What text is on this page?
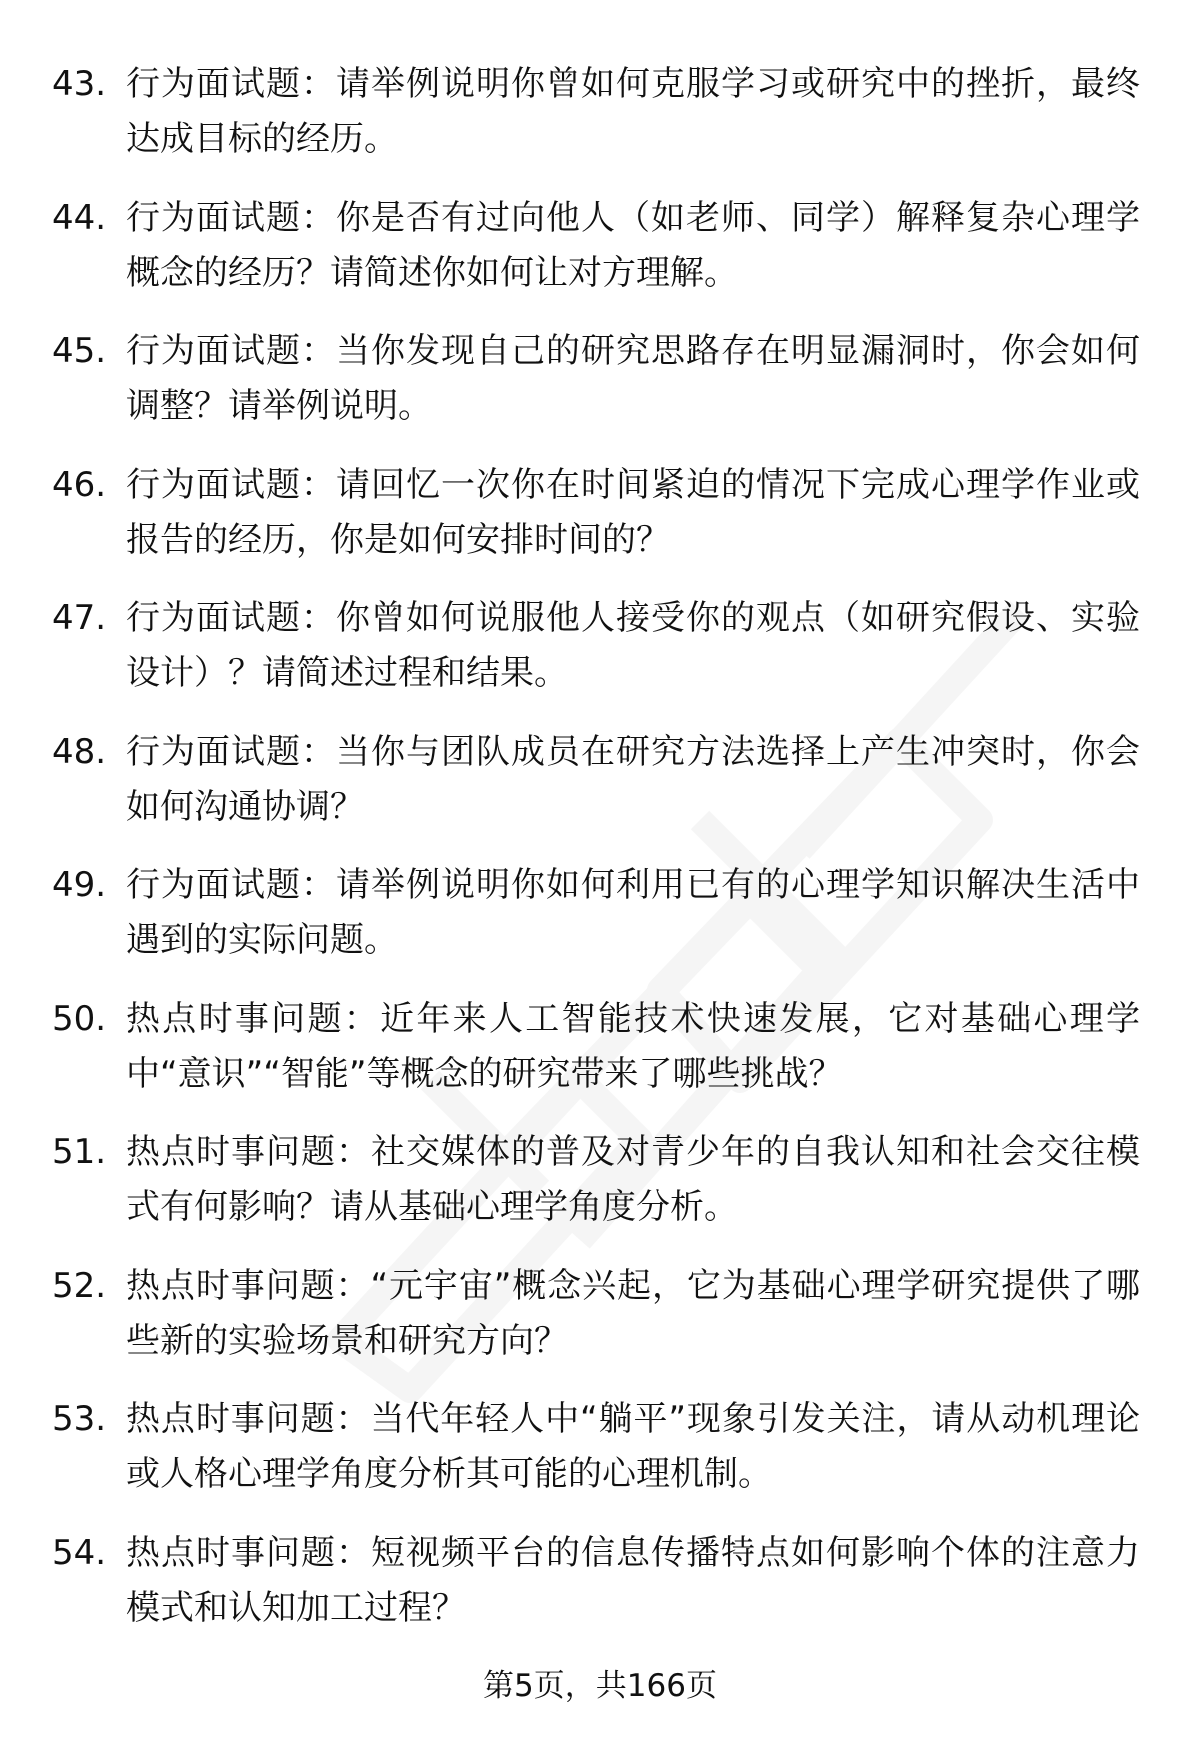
43. 行为面试题：请举例说明你曾如何克服学习或研究中的挫折，最终达成目标的经历。
44. 行为面试题：你是否有过向他人（如老师、同学）解释复杂心理学概念的经历？请简述你如何让对方理解。
45. 行为面试题：当你发现自己的研究思路存在明显漏洞时，你会如何调整？请举例说明。
46. 行为面试题：请回忆一次你在时间紧迫的情况下完成心理学作业或报告的经历，你是如何安排时间的？
47. 行为面试题：你曾如何说服他人接受你的观点（如研究假设、实验设计）？请简述过程和结果。
48. 行为面试题：当你与团队成员在研究方法选择上产生冲突时，你会如何沟通协调？
49. 行为面试题：请举例说明你如何利用已有的心理学知识解决生活中遇到的实际问题。
50. 热点时事问题：近年来人工智能技术快速发展，它对基础心理学中“意识”“智能”等概念的研究带来了哪些挑战？
51. 热点时事问题：社交媒体的普及对青少年的自我认知和社会交往模式有何影响？请从基础心理学角度分析。
52. 热点时事问题：“元宇宙”概念兴起，它为基础心理学研究提供了哪些新的实验场景和研究方向？
53. 热点时事问题：当代年轻人中“躺平”现象引发关注，请从动机理论或人格心理学角度分析其可能的心理机制。
54. 热点时事问题：短视频平台的信息传播特点如何影响个体的注意力模式和认知加工过程？
第5页，共166页
